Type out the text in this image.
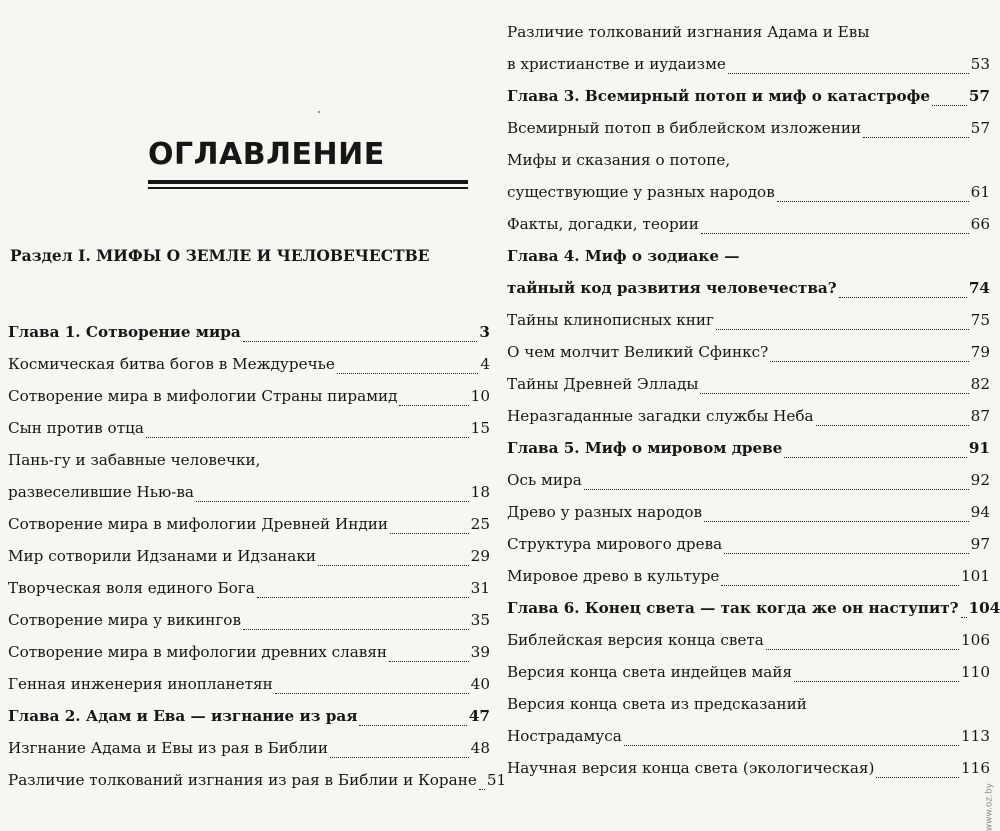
ОГЛАВЛЕНИЕ
Раздел I. МИФЫ О ЗЕМЛЕ И ЧЕЛОВЕЧЕСТВЕ
Глава 1. Сотворение мира	3
Космическая битва богов в Междуречье	4
Сотворение мира в мифологии Страны пирамид	10
Сын против отца	15
Пань-гу и забавные человечки,
развеселившие Нью-ва	18
Сотворение мира в мифологии Древней Индии	25
Мир сотворили Идзанами и Идзанаки	29
Творческая воля единого Бога	31
Сотворение мира у викингов	35
Сотворение мира в мифологии древних славян	39
Генная инженерия инопланетян	40
Глава 2. Адам и Ева — изгнание из рая	47
Изгнание Адама и Евы из рая в Библии	48
Различие толкований изгнания из рая в Библии и Коране 51
Различие толкований изгнания Адама и Евы
в христианстве и иудаизме	53
Глава 3. Всемирный потоп и миф о катастрофе	57
Всемирный потоп в библейском изложении	57
Мифы и сказания о потопе,
существующие у разных народов	61
Факты, догадки, теории	66
Глава 4. Миф о зодиаке —
тайный код развития человечества?	74
Тайны клинописных книг	75
О чем молчит Великий Сфинкс?	79
Тайны Древней Эллады	82
Неразгаданные загадки службы Неба	87
Глава 5. Миф о мировом древе	91
Ось мира	92
Древо у разных народов	94
Структура мирового древа	97
Мировое древо в культуре	101
Глава 6. Конец света — так когда же он наступит? 104
Библейская версия конца света	106
Версия конца света индейцев майя	110
Версия конца света из предсказаний
Нострадамуса	113
Научная версия конца света (экологическая)	116
www.oz.by
